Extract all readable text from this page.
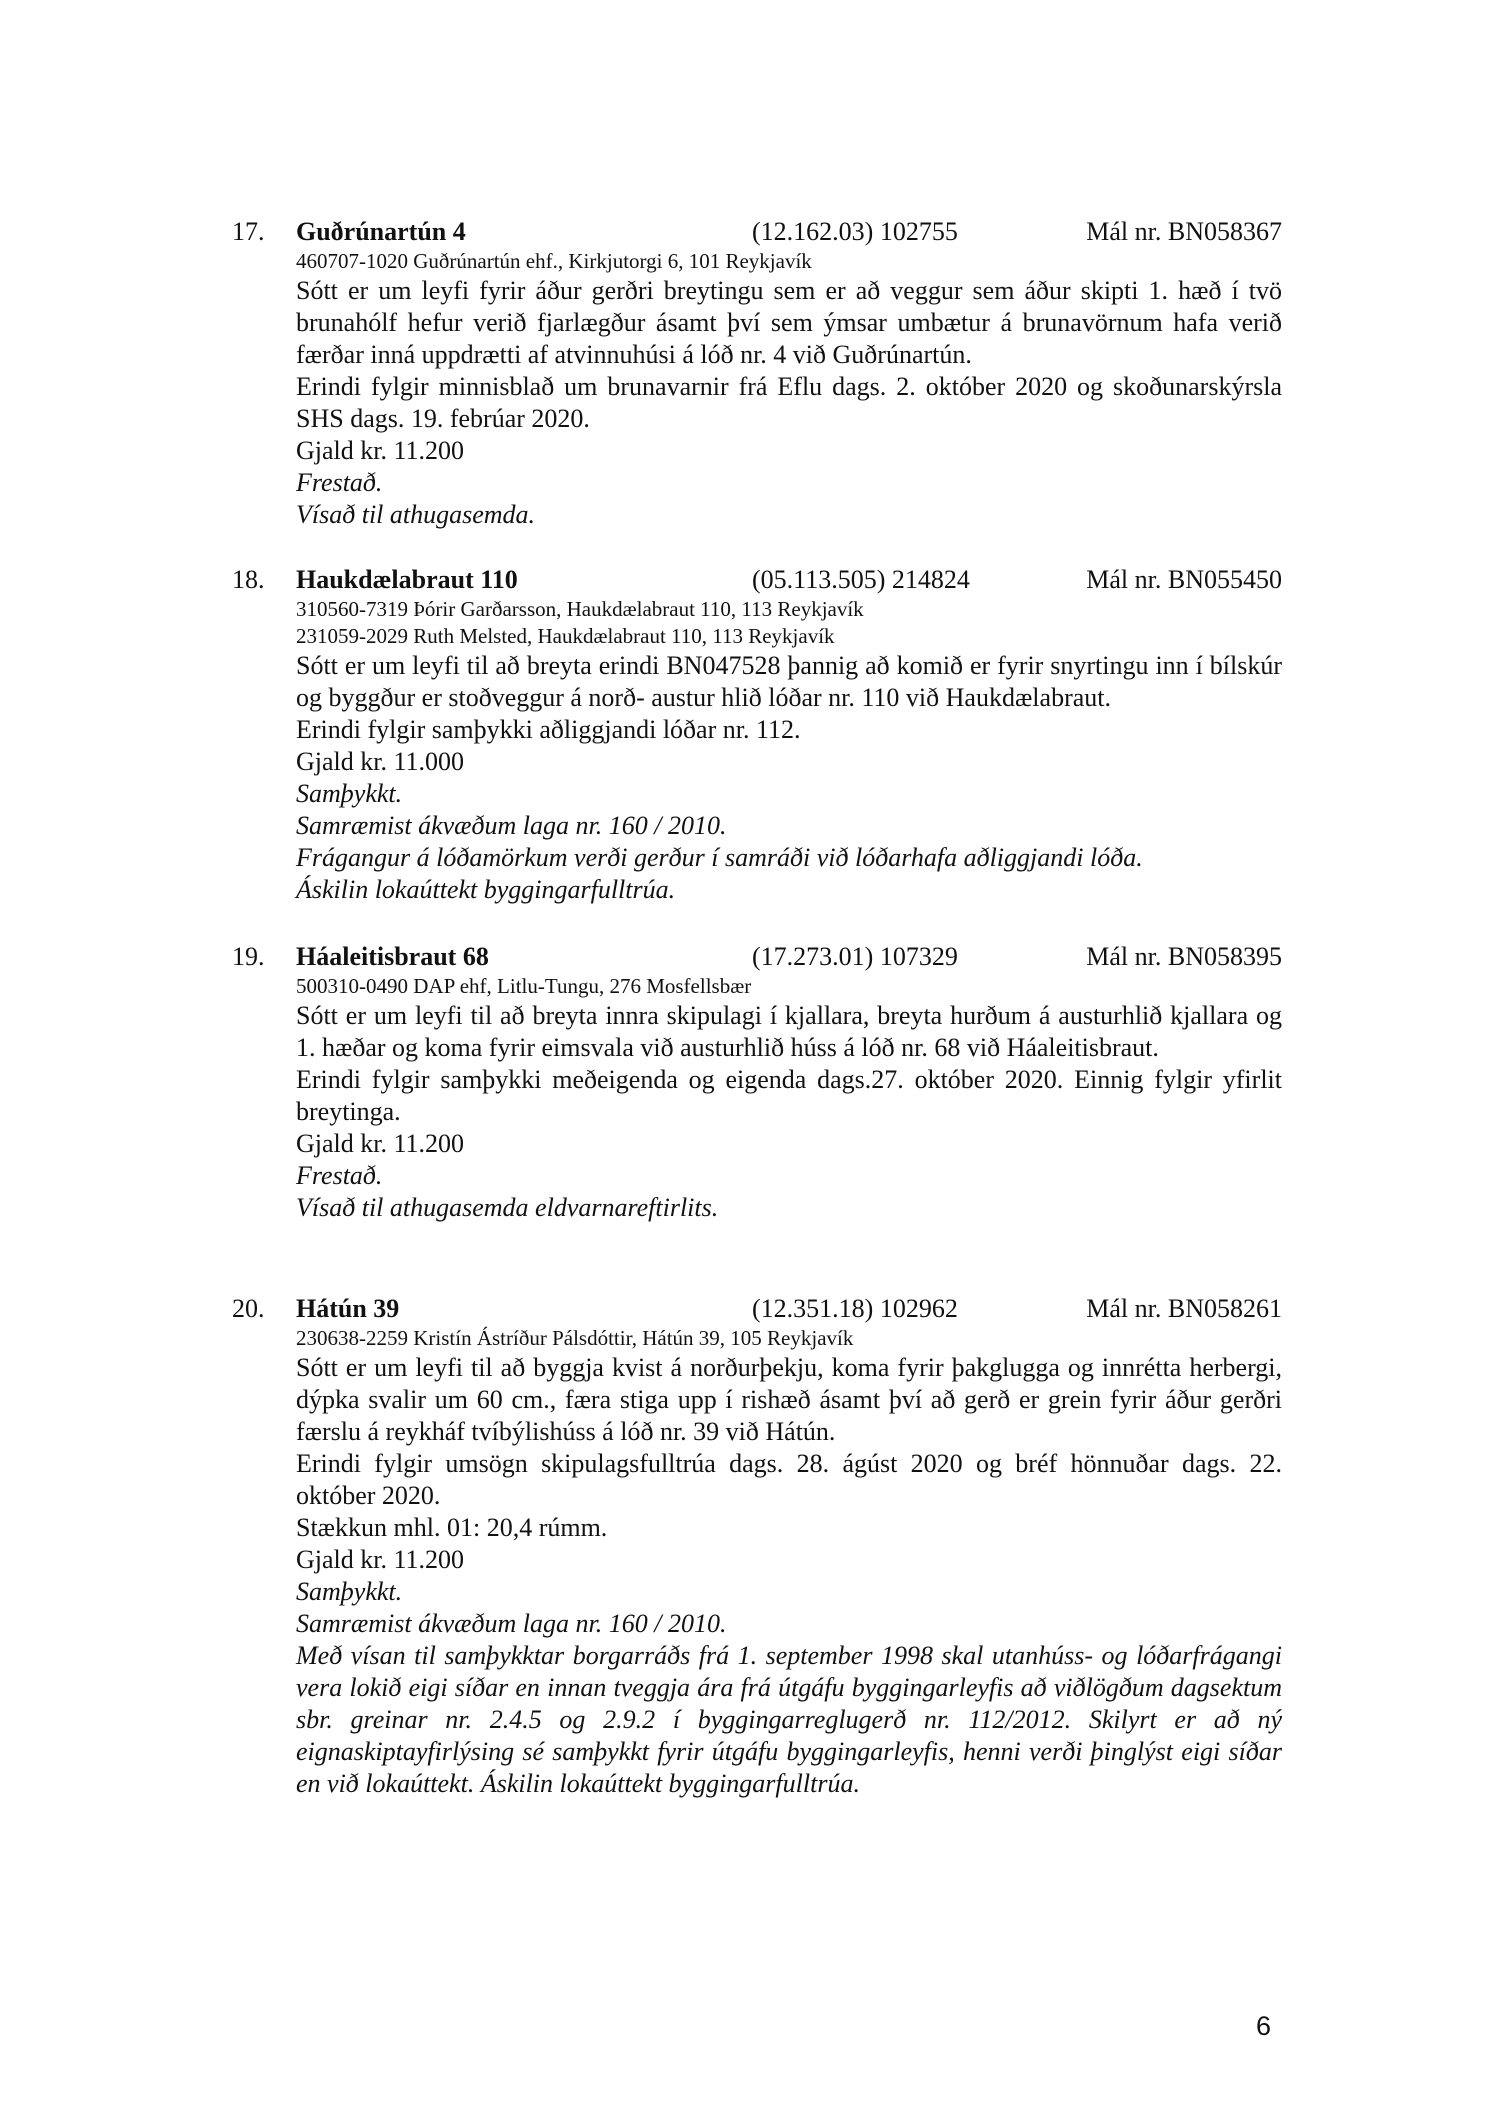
17. Guðrúnartún 4	(12.162.03) 102755	Mál nr. BN058367
460707-1020 Guðrúnartún ehf., Kirkjutorgi 6, 101 Reykjavík
Sótt er um leyfi fyrir áður gerðri breytingu sem er að veggur sem áður skipti 1. hæð í tvö brunahólf hefur verið fjarlægður ásamt því sem ýmsar umbætur á brunavörnum hafa verið færðar inná uppdrætti af atvinnuhúsi á lóð nr. 4 við Guðrúnartún.
Erindi fylgir minnisblað um brunavarnir frá Eflu dags. 2. október 2020 og skoðunarskýrsla SHS dags. 19. febrúar 2020.
Gjald kr. 11.200
Frestað.
Vísað til athugasemda.
18. Haukdælabraut 110	(05.113.505) 214824	Mál nr. BN055450
310560-7319 Þórir Garðarsson, Haukdælabraut 110, 113 Reykjavík
231059-2029 Ruth Melsted, Haukdælabraut 110, 113 Reykjavík
Sótt er um leyfi til að breyta erindi BN047528 þannig að komið er fyrir snyrtingu inn í bílskúr og byggður er stoðveggur á norð- austur hlið lóðar nr. 110 við Haukdælabraut.
Erindi fylgir samþykki aðliggjandi lóðar nr. 112.
Gjald kr. 11.000
Samþykkt.
Samræmist ákvæðum laga nr. 160 / 2010.
Frágangur á lóðamörkum verði gerður í samráði við lóðarhafa aðliggjandi lóða.
Áskilin lokaúttekt byggingarfulltrúa.
19. Háaleitisbraut 68	(17.273.01) 107329	Mál nr. BN058395
500310-0490 DAP ehf, Litlu-Tungu, 276 Mosfellsbær
Sótt er um leyfi til að breyta innra skipulagi í kjallara, breyta hurðum á austurhlið kjallara og 1. hæðar og koma fyrir eimsvala við austurhlið húss á lóð nr. 68 við Háaleitisbraut.
Erindi fylgir samþykki meðeigenda og eigenda dags.27. október 2020. Einnig fylgir yfirlit breytinga.
Gjald kr. 11.200
Frestað.
Vísað til athugasemda eldvarnareftirlits.
20. Hátún 39	(12.351.18) 102962	Mál nr. BN058261
230638-2259 Kristín Ástríður Pálsdóttir, Hátún 39, 105 Reykjavík
Sótt er um leyfi til að byggja kvist á norðurþekju, koma fyrir þakglugga og innrétta herbergi, dýpka svalir um 60 cm., færa stiga upp í rishæð ásamt því að gerð er grein fyrir áður gerðri færslu á reykháf tvíbýlishúss á lóð nr. 39 við Hátún.
Erindi fylgir umsögn skipulagsfulltrúa dags. 28. ágúst 2020 og bréf hönnuðar dags. 22. október 2020.
Stækkun mhl. 01: 20,4 rúmm.
Gjald kr. 11.200
Samþykkt.
Samræmist ákvæðum laga nr. 160 / 2010.
Með vísan til samþykktar borgarráðs frá 1. september 1998 skal utanhúss- og lóðarfrágangi vera lokið eigi síðar en innan tveggja ára frá útgáfu byggingarleyfis að viðlögðum dagsektum sbr. greinar nr. 2.4.5 og 2.9.2 í byggingarreglugerð nr. 112/2012. Skilyrt er að ný eignaskiptayfirlýsing sé samþykkt fyrir útgáfu byggingarleyfis, henni verði þinglýst eigi síðar en við lokaúttekt. Áskilin lokaúttekt byggingarfulltrúa.
6
